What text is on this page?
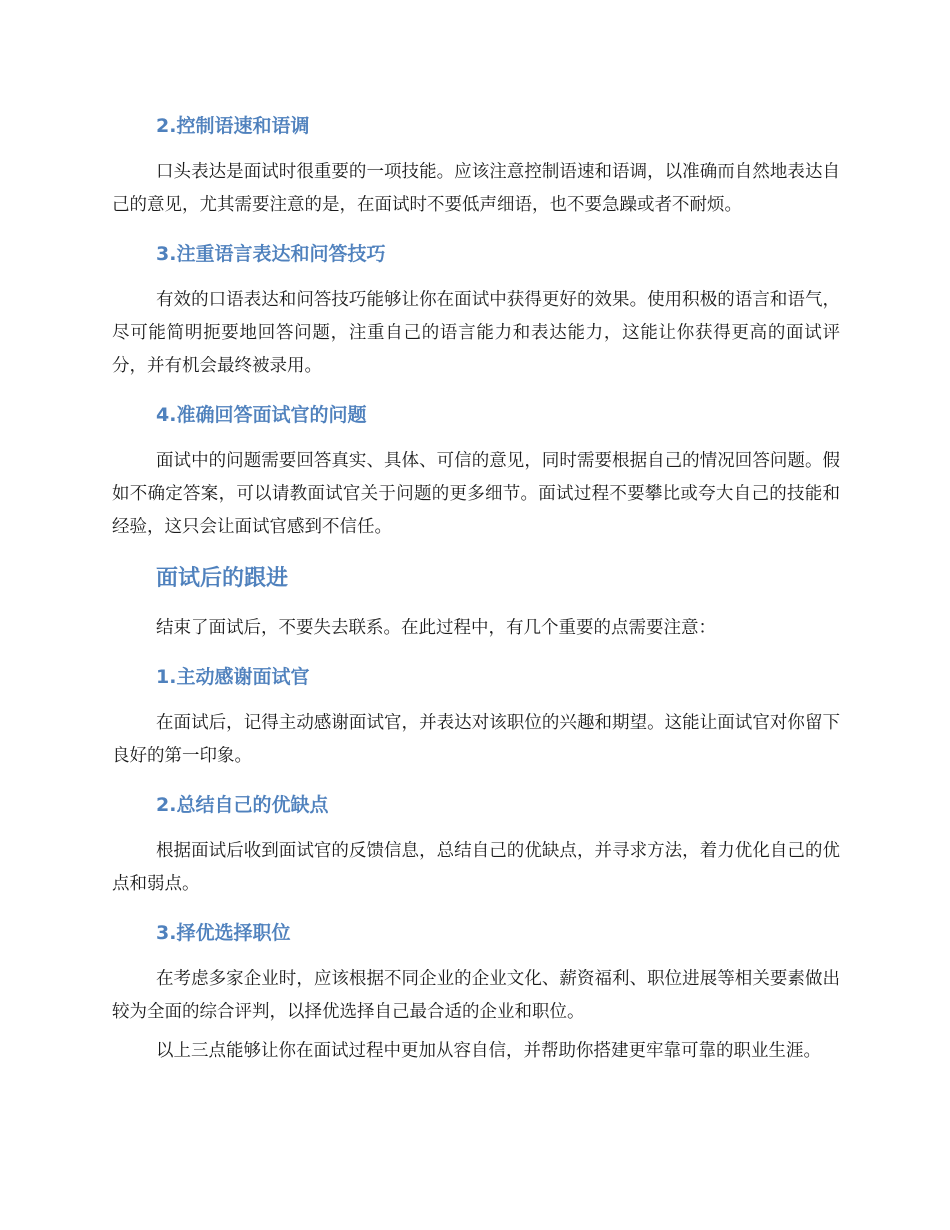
2.控制语速和语调

口头表达是面试时很重要的一项技能。应该注意控制语速和语调，以准确而自然地表达自己的意见，尤其需要注意的是，在面试时不要低声细语，也不要急躁或者不耐烦。

3.注重语言表达和问答技巧

有效的口语表达和问答技巧能够让你在面试中获得更好的效果。使用积极的语言和语气，尽可能简明扼要地回答问题，注重自己的语言能力和表达能力，这能让你获得更高的面试评分，并有机会最终被录用。

4.准确回答面试官的问题

面试中的问题需要回答真实、具体、可信的意见，同时需要根据自己的情况回答问题。假如不确定答案，可以请教面试官关于问题的更多细节。面试过程不要攀比或夸大自己的技能和经验，这只会让面试官感到不信任。

面试后的跟进

结束了面试后，不要失去联系。在此过程中，有几个重要的点需要注意：

1.主动感谢面试官

在面试后，记得主动感谢面试官，并表达对该职位的兴趣和期望。这能让面试官对你留下良好的第一印象。

2.总结自己的优缺点

根据面试后收到面试官的反馈信息，总结自己的优缺点，并寻求方法，着力优化自己的优点和弱点。

3.择优选择职位

在考虑多家企业时，应该根据不同企业的企业文化、薪资福利、职位进展等相关要素做出较为全面的综合评判，以择优选择自己最合适的企业和职位。

以上三点能够让你在面试过程中更加从容自信，并帮助你搭建更牢靠可靠的职业生涯。
